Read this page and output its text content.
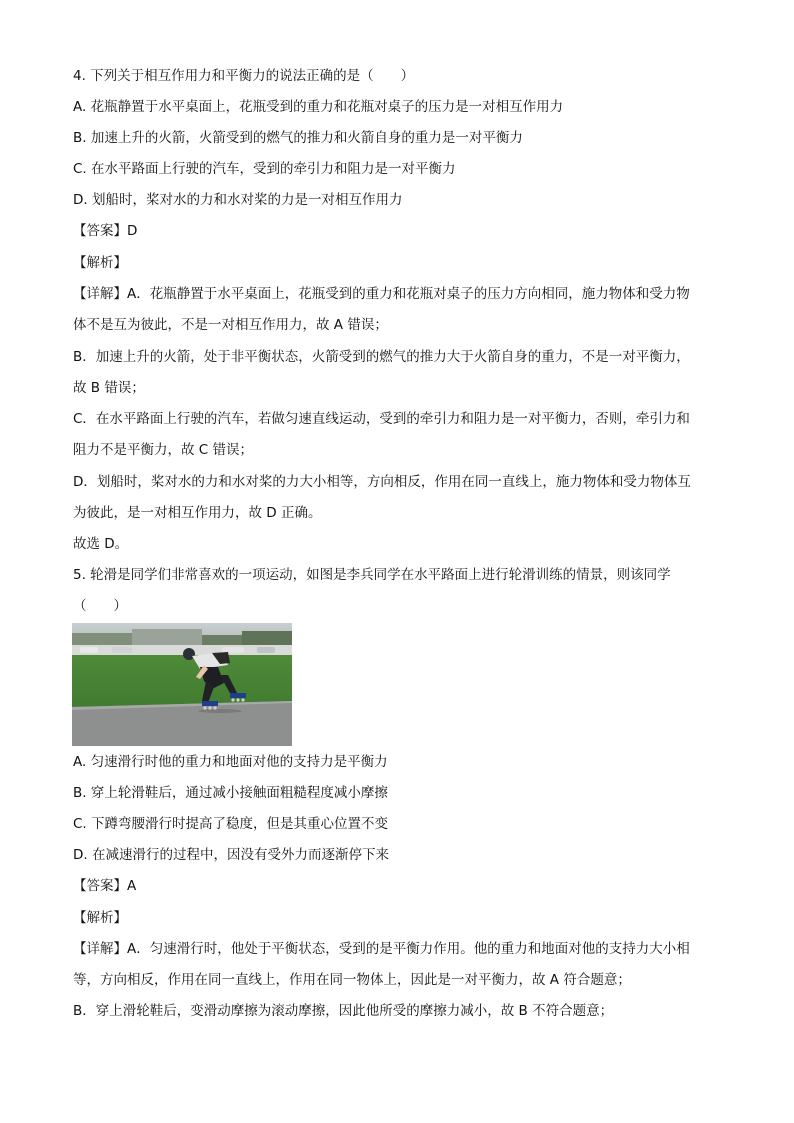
4. 下列关于相互作用力和平衡力的说法正确的是（　　）
A. 花瓶静置于水平桌面上，花瓶受到的重力和花瓶对桌子的压力是一对相互作用力
B. 加速上升的火箭，火箭受到的燃气的推力和火箭自身的重力是一对平衡力
C. 在水平路面上行驶的汽车，受到的牵引力和阻力是一对平衡力
D. 划船时，桨对水的力和水对桨的力是一对相互作用力
【答案】D
【解析】
【详解】A．花瓶静置于水平桌面上，花瓶受到的重力和花瓶对桌子的压力方向相同，施力物体和受力物
体不是互为彼此，不是一对相互作用力，故 A 错误；
B．加速上升的火箭，处于非平衡状态，火箭受到的燃气的推力大于火箭自身的重力，不是一对平衡力，
故 B 错误；
C．在水平路面上行驶的汽车，若做匀速直线运动，受到的牵引力和阻力是一对平衡力，否则，牵引力和
阻力不是平衡力，故 C 错误；
D．划船时，桨对水的力和水对桨的力大小相等，方向相反，作用在同一直线上，施力物体和受力物体互
为彼此，是一对相互作用力，故 D 正确。
故选 D。
5. 轮滑是同学们非常喜欢的一项运动，如图是李兵同学在水平路面上进行轮滑训练的情景，则该同学
（　　）
A. 匀速滑行时他的重力和地面对他的支持力是平衡力
B. 穿上轮滑鞋后，通过减小接触面粗糙程度减小摩擦
C. 下蹲弯腰滑行时提高了稳度，但是其重心位置不变
D. 在减速滑行的过程中，因没有受外力而逐渐停下来
【答案】A
【解析】
【详解】A．匀速滑行时，他处于平衡状态，受到的是平衡力作用。他的重力和地面对他的支持力大小相
等，方向相反，作用在同一直线上，作用在同一物体上，因此是一对平衡力，故 A 符合题意；
B．穿上滑轮鞋后，变滑动摩擦为滚动摩擦，因此他所受的摩擦力减小，故 B 不符合题意；
